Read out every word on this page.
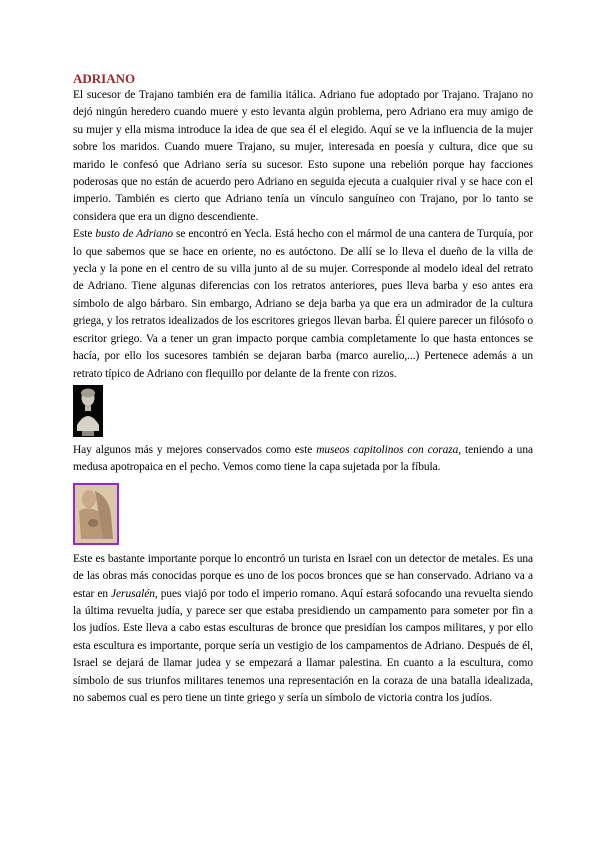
ADRIANO

El sucesor de Trajano también era de familia itálica. Adriano fue adoptado por Trajano. Trajano no dejó ningún heredero cuando muere y esto levanta algún problema, pero Adriano era muy amigo de su mujer y ella misma introduce la idea de que sea él el elegido. Aquí se ve la influencia de la mujer sobre los maridos. Cuando muere Trajano, su mujer, interesada en poesía y cultura, dice que su marido le confesó que Adriano sería su sucesor. Esto supone una rebelión porque hay facciones poderosas que no están de acuerdo pero Adriano en seguida ejecuta a cualquier rival y se hace con el imperio. También es cierto que Adriano tenía un vínculo sanguíneo con Trajano, por lo tanto se considera que era un digno descendiente.

Este busto de Adriano se encontró en Yecla. Está hecho con el mármol de una cantera de Turquía, por lo que sabemos que se hace en oriente, no es autóctono. De allí se lo lleva el dueño de la villa de yecla y la pone en el centro de su villa junto al de su mujer. Corresponde al modelo ideal del retrato de Adriano. Tiene algunas diferencias con los retratos anteriores, pues lleva barba y eso antes era símbolo de algo bárbaro. Sin embargo, Adriano se deja barba ya que era un admirador de la cultura griega, y los retratos idealizados de los escritores griegos llevan barba. Él quiere parecer un filósofo o escritor griego. Va a tener un gran impacto porque cambia completamente lo que hasta entonces se hacía, por ello los sucesores también se dejaran barba (marco aurelio,...) Pertenece además a un retrato típico de Adriano con flequillo por delante de la frente con rizos.

Hay algunos más y mejores conservados como este museos capitolinos con coraza, teniendo a una medusa apotropaica en el pecho. Vemos como tiene la capa sujetada por la fíbula.

Este es bastante importante porque lo encontró un turista en Israel con un detector de metales. Es una de las obras más conocidas porque es uno de los pocos bronces que se han conservado. Adriano va a estar en Jerusalén, pues viajó por todo el imperio romano. Aquí estará sofocando una revuelta siendo la última revuelta judía, y parece ser que estaba presidiendo un campamento para someter por fin a los judíos. Este lleva a cabo estas esculturas de bronce que presidían los campos militares, y por ello esta escultura es importante, porque sería un vestigio de los campamentos de Adriano. Después de él, Israel se dejará de llamar judea y se empezará a llamar palestina. En cuanto a la escultura, como símbolo de sus triunfos militares tenemos una representación en la coraza de una batalla idealizada, no sabemos cual es pero tiene un tinte griego y sería un símbolo de victoria contra los judíos.
